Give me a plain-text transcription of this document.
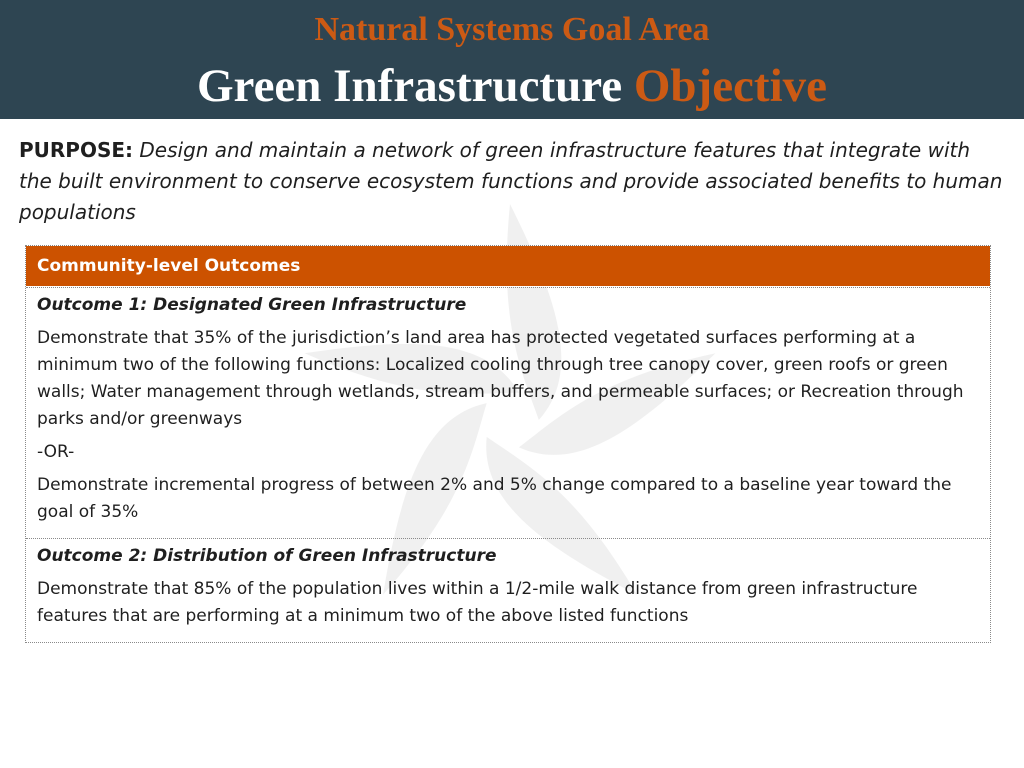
Natural Systems Goal Area
Green Infrastructure Objective
PURPOSE: Design and maintain a network of green infrastructure features that integrate with the built environment to conserve ecosystem functions and provide associated benefits to human populations
Community-level Outcomes

Outcome 1: Designated Green Infrastructure

Demonstrate that 35% of the jurisdiction’s land area has protected vegetated surfaces performing at a minimum two of the following functions: Localized cooling through tree canopy cover, green roofs or green walls; Water management through wetlands, stream buffers, and permeable surfaces; or Recreation through parks and/or greenways

-OR-

Demonstrate incremental progress of between 2% and 5% change compared to a baseline year toward the goal of 35%

Outcome 2: Distribution of Green Infrastructure

Demonstrate that 85% of the population lives within a 1/2-mile walk distance from green infrastructure features that are performing at a minimum two of the above listed functions
